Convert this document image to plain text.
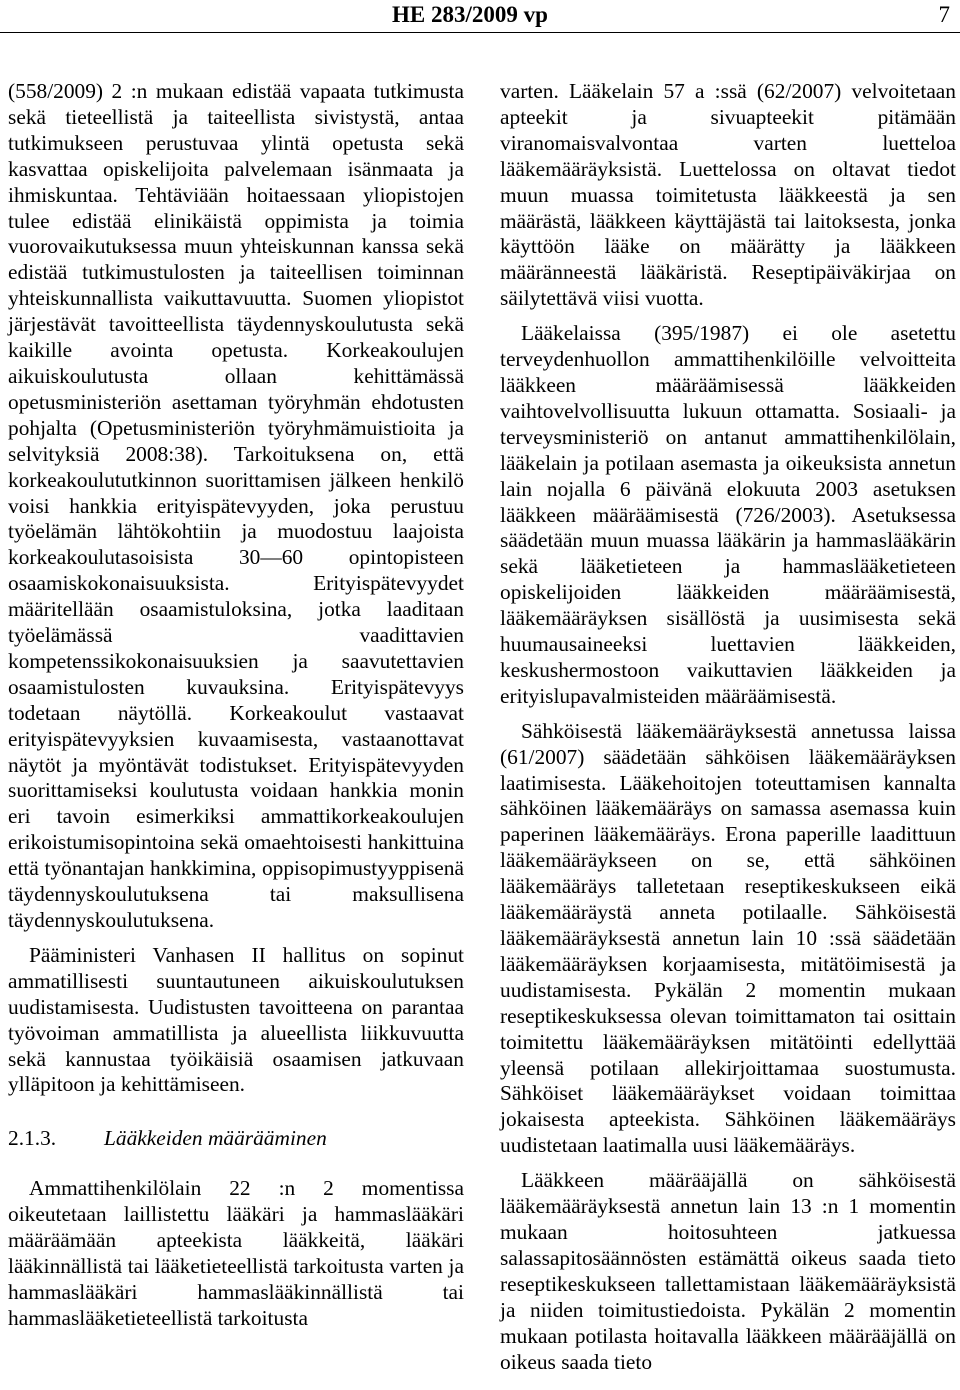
HE 283/2009 vp	7

(558/2009) 2 :n mukaan edistää vapaata tutkimusta sekä tieteellistä ja taiteellista sivistystä, antaa tutkimukseen perustuvaa ylintä opetusta sekä kasvattaa opiskelijoita palvelemaan isänmaata ja ihmiskuntaa. Tehtäviään hoitaessaan yliopistojen tulee edistää elinikäistä oppimista ja toimia vuorovaikutuksessa muun yhteiskunnan kanssa sekä edistää tutkimustulosten ja taiteellisen toiminnan yhteiskunnallista vaikuttavuutta. Suomen yliopistot järjestävät tavoitteellista täydennyskoulutusta sekä kaikille avointa opetusta. Korkeakoulujen aikuiskoulutusta ollaan kehittämässä opetusministeriön asettaman työryhmän ehdotusten pohjalta (Opetusministeriön työryhmämuistioita ja selvityksiä 2008:38). Tarkoituksena on, että korkeakoulututkinnon suorittamisen jälkeen henkilö voisi hankkia erityispätevyyden, joka perustuu työelämän lähtökohtiin ja muodostuu laajoista korkeakoulutasoisista 30—60 opintopisteen osaamiskokonaisuuksista. Erityispätevyydet määritellään osaamistuloksina, jotka laaditaan työelämässä vaadittavien kompetenssikokonaisuuksien ja saavutettavien osaamistulosten kuvauksina. Erityispätevyys todetaan näytöllä. Korkeakoulut vastaavat erityispätevyyksien kuvaamisesta, vastaanottavat näytöt ja myöntävät todistukset. Erityispätevyyden suorittamiseksi koulutusta voidaan hankkia monin eri tavoin esimerkiksi ammattikorkeakoulujen erikoistumisopintoina sekä omaehtoisesti hankittuina että työnantajan hankkimina, oppisopimustyyppisenä täydennyskoulutuksena tai maksullisena täydennyskoulutuksena.

Pääministeri Vanhasen II hallitus on sopinut ammatillisesti suuntautuneen aikuiskoulutuksen uudistamisesta. Uudistusten tavoitteena on parantaa työvoiman ammatillista ja alueellista liikkuvuutta sekä kannustaa työikäisiä osaamisen jatkuvaan ylläpitoon ja kehittämiseen.

2.1.3. Lääkkeiden määrääminen

Ammattihenkilölain 22 :n 2 momentissa oikeutetaan laillistettu lääkäri ja hammaslääkäri määräämään apteekista lääkkeitä, lääkäri lääkinnällistä tai lääketieteellistä tarkoitusta varten ja hammaslääkäri hammaslääkinnällistä tai hammaslääketieteellistä tarkoitusta

varten. Lääkelain 57 a :ssä (62/2007) velvoitetaan apteekit ja sivuapteekit pitämään viranomaisvalvontaa varten luetteloa lääkemääräyksistä. Luettelossa on oltavat tiedot muun muassa toimitetusta lääkkeestä ja sen määrästä, lääkkeen käyttäjästä tai laitoksesta, jonka käyttöön lääke on määrätty ja lääkkeen määränneestä lääkäristä. Reseptipäiväkirjaa on säilytettävä viisi vuotta.

Lääkelaissa (395/1987) ei ole asetettu terveydenhuollon ammattihenkilöille velvoitteita lääkkeen määräämisessä lääkkeiden vaihtovelvollisuutta lukuun ottamatta. Sosiaali- ja terveysministeriö on antanut ammattihenkilölain, lääkelain ja potilaan asemasta ja oikeuksista annetun lain nojalla 6 päivänä elokuuta 2003 asetuksen lääkkeen määräämisestä (726/2003). Asetuksessa säädetään muun muassa lääkärin ja hammaslääkärin sekä lääketieteen ja hammaslääketieteen opiskelijoiden lääkkeiden määräämisestä, lääkemääräyksen sisällöstä ja uusimisesta sekä huumausaineeksi luettavien lääkkeiden, keskushermostoon vaikuttavien lääkkeiden ja erityislupavalmisteiden määräämisestä.

Sähköisestä lääkemääräyksestä annetussa laissa (61/2007) säädetään sähköisen lääkemääräyksen laatimisesta. Lääkehoitojen toteuttamisen kannalta sähköinen lääkemääräys on samassa asemassa kuin paperinen lääkemääräys. Erona paperille laadittuun lääkemääräykseen on se, että sähköinen lääkemääräys talletetaan reseptikeskukseen eikä lääkemääräystä anneta potilaalle. Sähköisestä lääkemääräyksestä annetun lain 10 :ssä säädetään lääkemääräyksen korjaamisesta, mitätöimisestä ja uudistamisesta. Pykälän 2 momentin mukaan reseptikeskuksessa olevan toimittamaton tai osittain toimitettu lääkemääräyksen mitätöinti edellyttää yleensä potilaan allekirjoittamaa suostumusta. Sähköiset lääkemääräykset voidaan toimittaa jokaisesta apteekista. Sähköinen lääkemääräys uudistetaan laatimalla uusi lääkemääräys.

Lääkkeen määrääjällä on sähköisestä lääkemääräyksestä annetun lain 13 :n 1 momentin mukaan hoitosuhteen jatkuessa salassapitosäännösten estämättä oikeus saada tieto reseptikeskukseen tallettamistaan lääkemääräyksistä ja niiden toimitustiedoista. Pykälän 2 momentin mukaan potilasta hoitavalla lääkkeen määrääjällä on oikeus saada tieto
